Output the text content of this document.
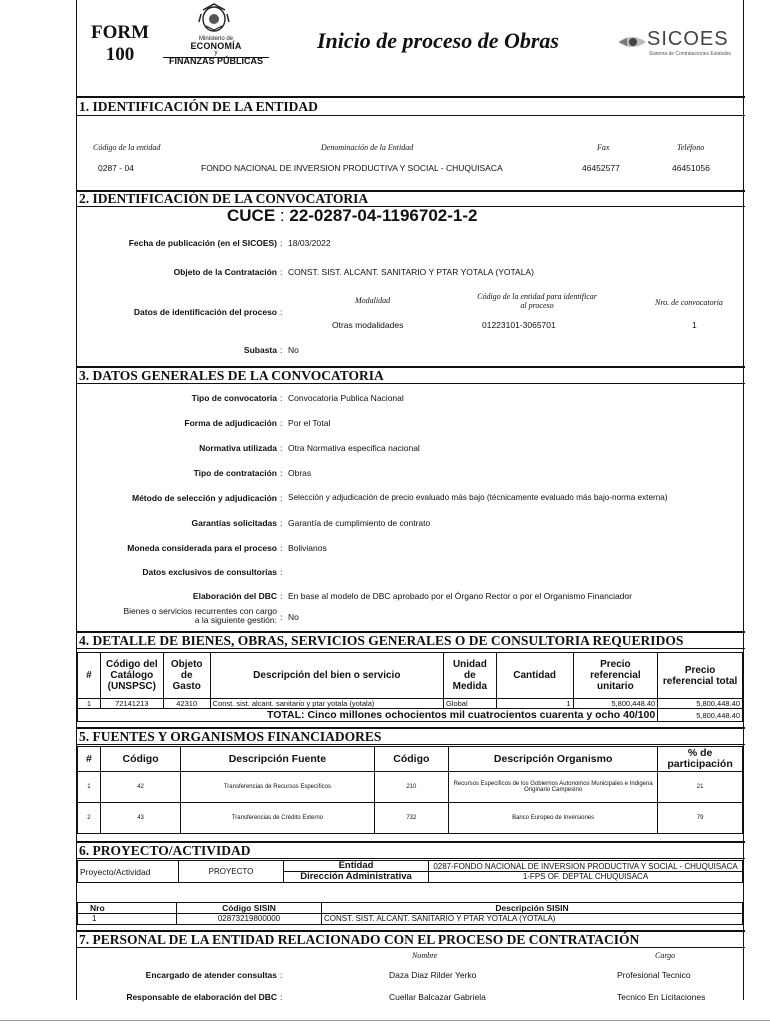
FORM
100
Ministerio de
ECONOMÍA
y
FINANZAS PÚBLICAS
Inicio de proceso de Obras	SICOES
Sistema de Contrataciones Estatales
1. IDENTIFICACIÓN DE LA ENTIDAD
Código de la entidad	Denominación de la Entidad	Fax	Teléfono
0287 - 04	FONDO NACIONAL DE INVERSION PRODUCTIVA Y SOCIAL - CHUQUISACA	46452577	46451056
2. IDENTIFICACIÓN DE LA CONVOCATORIA
CUCE : 22-0287-04-1196702-1-2
Fecha de publicación (en el SICOES) : 18/03/2022
Objeto de la Contratación : CONST. SIST. ALCANT. SANITARIO Y PTAR YOTALA (YOTALA)
Datos de identificación del proceso :
Modalidad	Código de la entidad para identificar al proceso	Nro. de convocatoria
Otras modalidades	01223101-3065701	1
Subasta : No
3. DATOS GENERALES DE LA CONVOCATORIA
Tipo de convocatoria : Convocatoria Publica Nacional
Forma de adjudicación : Por el Total
Normativa utilizada : Otra Normativa especifica nacional
Tipo de contratación : Obras
Método de selección y adjudicación : Selección y adjudicación de precio evaluado más bajo (técnicamente evaluado más bajo-norma externa)
Garantías solicitadas : Garantía de cumplimiento de contrato
Moneda considerada para el proceso : Bolivianos
Datos exclusivos de consultorías :
Elaboración del DBC : En base al modelo de DBC aprobado por el Órgano Rector o por el Organismo Financiador
Bienes o servicios recurrentes con cargo
a la siguiente gestión: : No
4. DETALLE DE BIENES, OBRAS, SERVICIOS GENERALES O DE CONSULTORIA REQUERIDOS
#	Código del Catálogo (UNSPSC)	Objeto de Gasto	Descripción del bien o servicio	Unidad de Medida	Cantidad	Precio referencial unitario	Precio referencial total
1	72141213	42310	Const. sist. alcant. sanitario y ptar yotala (yotala)	Global	1	5,800,448.40	5,800,448.40
TOTAL: Cinco millones ochocientos mil cuatrocientos cuarenta y ocho 40/100							5,800,448.40
5. FUENTES Y ORGANISMOS FINANCIADORES
#	Código	Descripción Fuente	Código	Descripción Organismo	% de participación
1	42	Transferencias de Recursos Específicos	210	Recursos Especificos de los Gobiernos Autonomos Municipales e Indigena Originario Campesino	21
2	43	Transferencias de Crédito Externo	732	Banco Europeo de Inversiones	79
6. PROYECTO/ACTIVIDAD
Proyecto/Actividad	PROYECTO	Entidad	0287-FONDO NACIONAL DE INVERSION PRODUCTIVA Y SOCIAL - CHUQUISACA
		Dirección Administrativa	1-FPS OF. DEPTAL CHUQUISACA
Nro	Código SISIN	Descripción SISIN
1	02873219800000	CONST. SIST. ALCANT. SANITARIO Y PTAR YOTALA (YOTALA)
7. PERSONAL DE LA ENTIDAD RELACIONADO CON EL PROCESO DE CONTRATACIÓN
Nombre	Cargo
Encargado de atender consultas :	Daza Diaz Rilder Yerko	Profesional Tecnico
Responsable de elaboración del DBC :	Cuellar Balcazar Gabriela	Tecnico En Licitaciones
